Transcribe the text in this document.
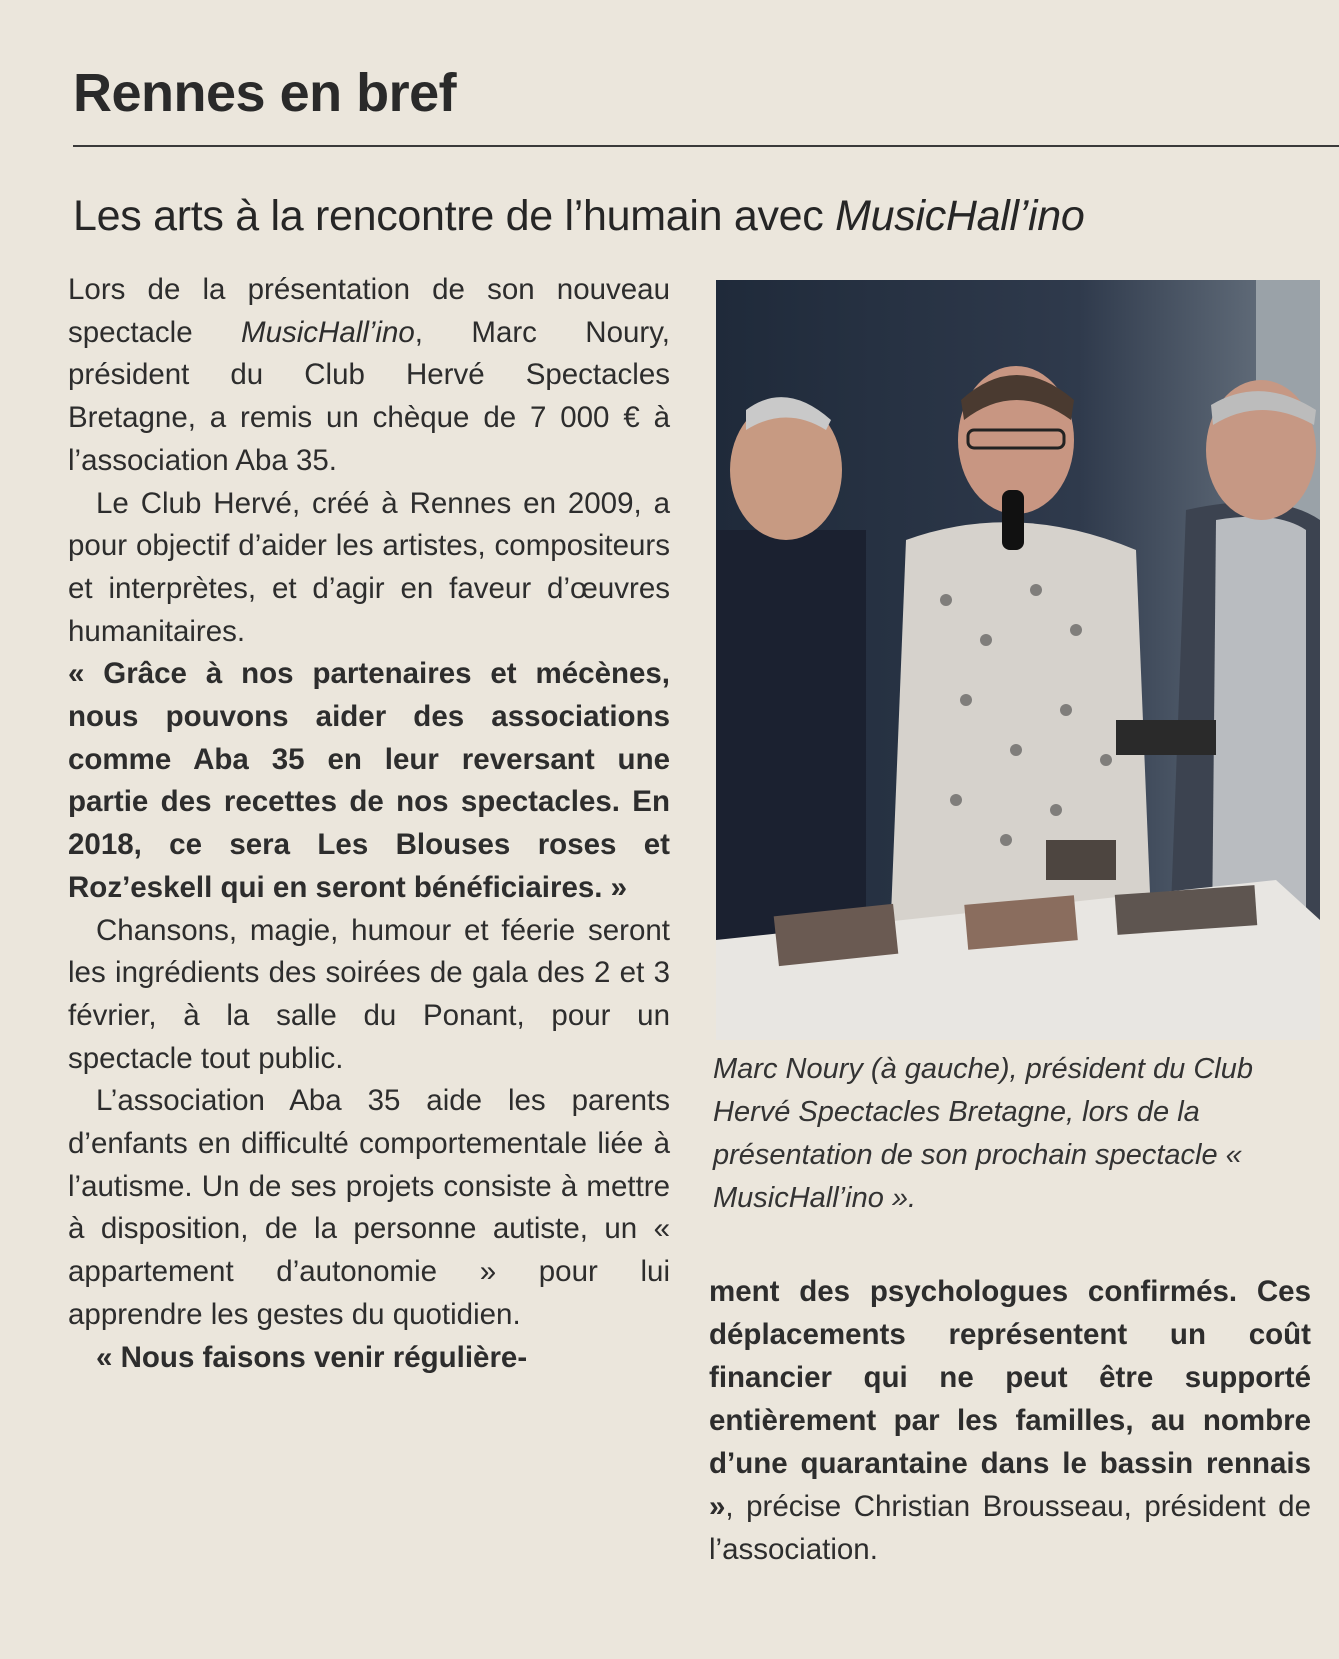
Rennes en bref
Les arts à la rencontre de l’humain avec MusicHall’ino

Lors de la présentation de son nouveau spectacle MusicHall’ino, Marc Noury, président du Club Hervé Spectacles Bretagne, a remis un chèque de 7 000 € à l’association Aba 35.

Le Club Hervé, créé à Rennes en 2009, a pour objectif d’aider les artistes, compositeurs et interprètes, et d’agir en faveur d’œuvres humanitaires.

« Grâce à nos partenaires et mécènes, nous pouvons aider des associations comme Aba 35 en leur reversant une partie des recettes de nos spectacles. En 2018, ce sera Les Blouses roses et Roz’eskell qui en seront bénéficiaires. »

Chansons, magie, humour et féerie seront les ingrédients des soirées de gala des 2 et 3 février, à la salle du Ponant, pour un spectacle tout public.

L’association Aba 35 aide les parents d’enfants en difficulté comportementale liée à l’autisme. Un de ses projets consiste à mettre à disposition, de la personne autiste, un « appartement d’autonomie » pour lui apprendre les gestes du quotidien.

« Nous faisons venir régulière-

Marc Noury (à gauche), président du Club Hervé Spectacles Bretagne, lors de la présentation de son prochain spectacle « MusicHall’ino ».

ment des psychologues confirmés. Ces déplacements représentent un coût financier qui ne peut être supporté entièrement par les familles, au nombre d’une quarantaine dans le bassin rennais », précise Christian Brousseau, président de l’association.
